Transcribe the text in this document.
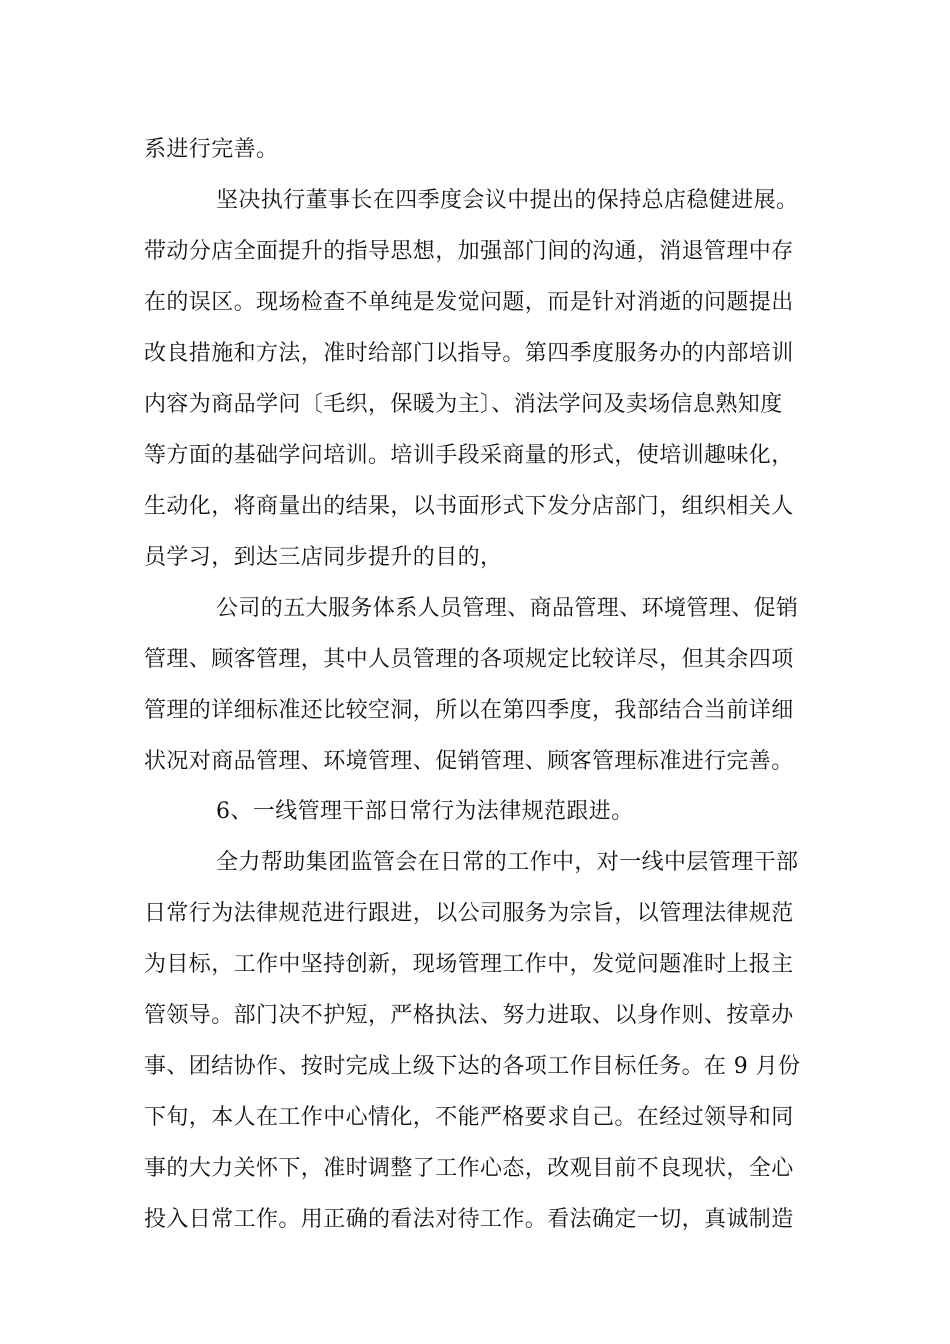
系进行完善。
坚决执行董事长在四季度会议中提出的保持总店稳健进展。
带动分店全面提升的指导思想，加强部门间的沟通，消退管理中存
在的误区。现场检查不单纯是发觉问题，而是针对消逝的问题提出
改良措施和方法，准时给部门以指导。第四季度服务办的内部培训
内容为商品学问〔毛织，保暖为主〕、消法学问及卖场信息熟知度
等方面的基础学问培训。培训手段采商量的形式，使培训趣味化，
生动化，将商量出的结果，以书面形式下发分店部门，组织相关人
员学习，到达三店同步提升的目的，
公司的五大服务体系人员管理、商品管理、环境管理、促销
管理、顾客管理，其中人员管理的各项规定比较详尽，但其余四项
管理的详细标准还比较空洞，所以在第四季度，我部结合当前详细
状况对商品管理、环境管理、促销管理、顾客管理标准进行完善。
6、一线管理干部日常行为法律规范跟进。
全力帮助集团监管会在日常的工作中，对一线中层管理干部
日常行为法律规范进行跟进，以公司服务为宗旨，以管理法律规范
为目标，工作中坚持创新，现场管理工作中，发觉问题准时上报主
管领导。部门决不护短，严格执法、努力进取、以身作则、按章办
事、团结协作、按时完成上级下达的各项工作目标任务。在 9 月份
下旬，本人在工作中心情化，不能严格要求自己。在经过领导和同
事的大力关怀下，准时调整了工作心态，改观目前不良现状，全心
投入日常工作。用正确的看法对待工作。看法确定一切，真诚制造
